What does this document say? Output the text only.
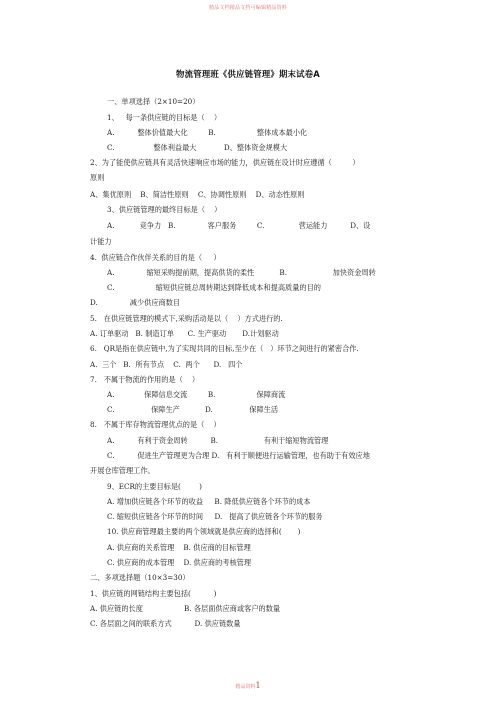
精品文档精品文档可编辑精品资料
物流管理班《供应链管理》期末试卷A
一、单项选择（2×10=20）
1、   每一条供应链的目标是（    ）
A.          整体价值最大化         B.                  整体成本最小化
C.                 整体利益最大            D、整体资金规模大
2、为了能使供应链具有灵活快速响应市场的能力，供应链在设计时应遵循（         ）
原则
A、集优原则    B、简洁性原则    C、协调性原则    D、动态性原则
3、供应链管理的最终目标是（    ）
A.           竞争力   B.              客户服务         C.               营运能力          D、设
计能力
4.  供应链合作伙伴关系的目的是（     ）
A.              缩短采购提前期，提高供货的柔性           B.                    加快资金周转
C.                  缩短供应链总周转期达到降低成本和提高质量的目的
D.              减少供应商数目
5.   在供应链管理的模式下,采购活动是以（    ）方式进行的.
A. 订单驱动   B. 制造订单      C. 生产驱动       D.计划驱动
6.   QR是指在供应链中,为了实现共同的目标,至少在（   ）环节之间进行的紧密合作.
A.  三个   B.  所有节点    C.  两个      D.   四个
7.   不属于物流的作用的是（    ）
A.             保障信息交流         B.                  保障商流
C.                保障生产           D.                保障生活
8.   不属于库存物流管理优点的是（    ）
A.          有利于资金周转          B.                    有利于缩短物流管理
C.          促进生产管理更为合理 D.   有利于顺便进行运输管理，也有助于有效应地
开展仓库管理工作。
9、ECR的主要目标是(        )
A. 增加供应链各个环节的收益     B. 降低供应链各个环节的成本
C. 缩短供应链各个环节的时间     D.   提高了供应链各个环节的服务
10. 供应商管理最主要的两个领域就是供应商的选择和(       )
A. 供应商的关系管理    B. 供应商的目标管理
C. 供应商的成本管理    D. 供应商的考核管理
二、多项选择题（10×3=30）
1、供应链的网链结构主要包括(          )
A. 供应链的长度                  B. 各层面供应商或客户的数量
C. 各层面之间的联系方式          D. 供应链数量
精品资料1
